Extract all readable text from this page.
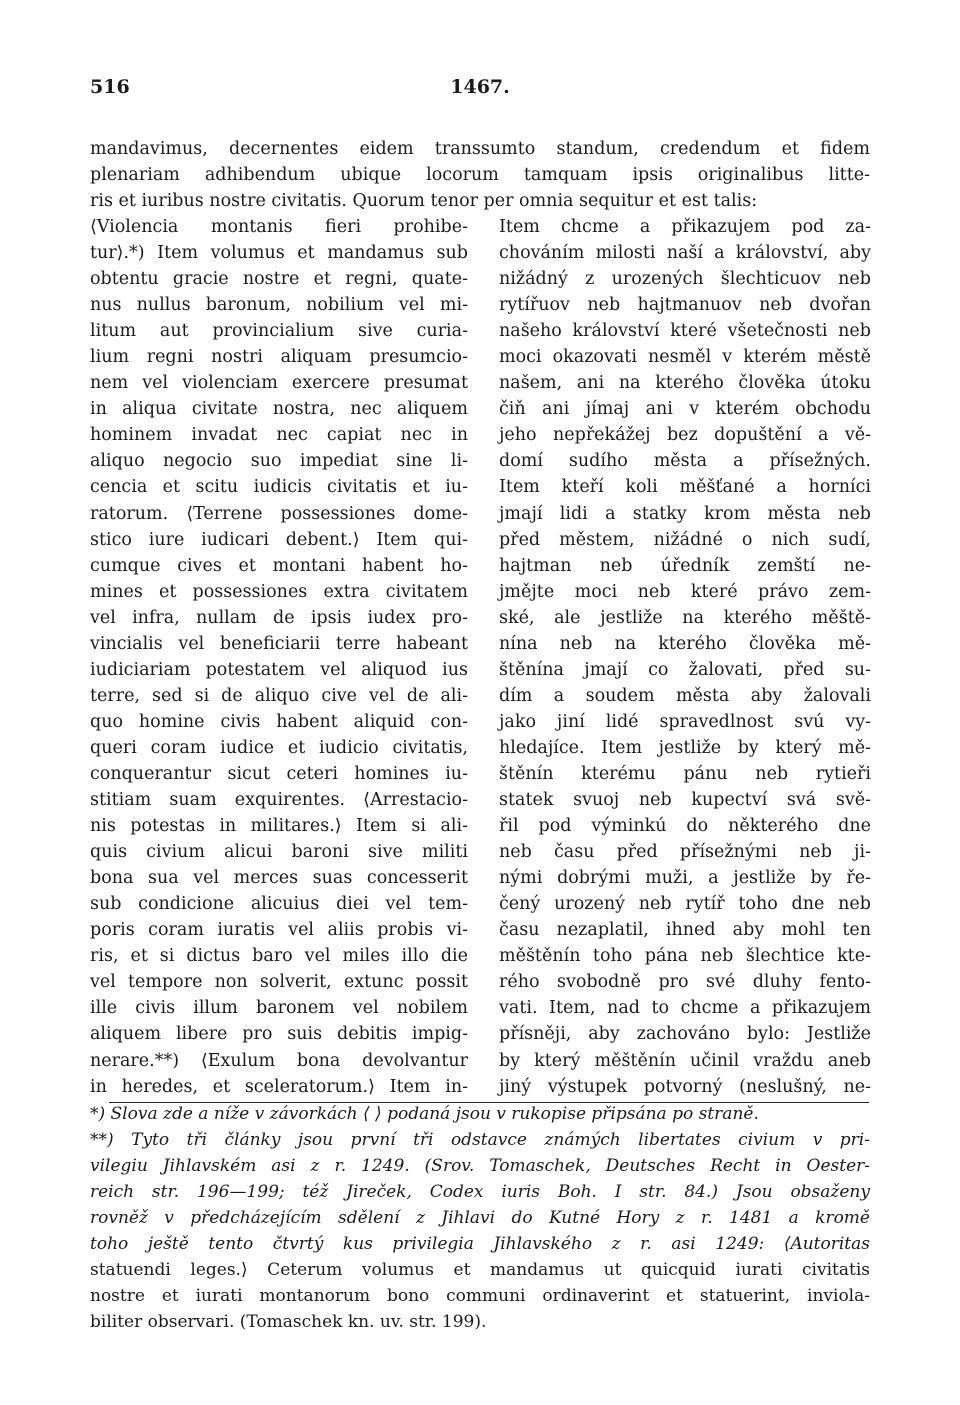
516	1467.
mandavimus, decernentes eidem transsumto standum, credendum et fidem
plenariam adhibendum ubique locorum tamquam ipsis originalibus litte-
ris et iuribus nostre civitatis. Quorum tenor per omnia sequitur et est talis:
⟨Violencia montanis fieri prohibe-
tur⟩.*) Item volumus et mandamus sub
obtentu gracie nostre et regni, quate-
nus nullus baronum, nobilium vel mi-
litum aut provincialium sive curia-
lium regni nostri aliquam presumcio-
nem vel violenciam exercere presumat
in aliqua civitate nostra, nec aliquem
hominem invadat nec capiat nec in
aliquo negocio suo impediat sine li-
cencia et scitu iudicis civitatis et iu-
ratorum. ⟨Terrene possessiones dome-
stico iure iudicari debent.⟩ Item qui-
cumque cives et montani habent ho-
mines et possessiones extra civitatem
vel infra, nullam de ipsis iudex pro-
vincialis vel beneficiarii terre habeant
iudiciariam potestatem vel aliquod ius
terre, sed si de aliquo cive vel de ali-
quo homine civis habent aliquid con-
queri coram iudice et iudicio civitatis,
conquerantur sicut ceteri homines iu-
stitiam suam exquirentes. ⟨Arrestacio-
nis potestas in militares.⟩ Item si ali-
quis civium alicui baroni sive militi
bona sua vel merces suas concesserit
sub condicione alicuius diei vel tem-
poris coram iuratis vel aliis probis vi-
ris, et si dictus baro vel miles illo die
vel tempore non solverit, extunc possit
ille civis illum baronem vel nobilem
aliquem libere pro suis debitis impig-
nerare.**) ⟨Exulum bona devolvantur
in heredes, et sceleratorum.⟩ Item in-
Item chcme a přikazujem pod za-
chováním milosti naší a království, aby
nižádný z urozených šlechticuov neb
rytířuov neb hajtmanuov neb dvořan
našeho království které všetečnosti neb
moci okazovati nesměl v kterém městě
našem, ani na kterého člověka útoku
čiň ani jímaj ani v kterém obchodu
jeho nepřekážej bez dopuštění a vě-
domí sudího města a přísežných.
Item kteří koli měšťané a horníci
jmají lidi a statky krom města neb
před městem, nižádné o nich sudí,
hajtman neb úředník zemští ne-
jmějte moci neb které právo zem-
ské, ale jestliže na kterého měště-
nína neb na kterého člověka mě-
štěnína jmají co žalovati, před su-
dím a soudem města aby žalovali
jako jiní lidé spravedlnost svú vy-
hledajíce. Item jestliže by který mě-
štěnín kterému pánu neb rytieři
statek svuoj neb kupectví svá svě-
řil pod výminkú do některého dne
neb času před přísežnými neb ji-
nými dobrými muži, a jestliže by ře-
čený urozený neb rytíř toho dne neb
času nezaplatil, ihned aby mohl ten
měštěnín toho pána neb šlechtice kte-
rého svobodně pro své dluhy fentο-
vati. Item, nad to chcme a přikazujem
přísněji, aby zachováno bylo: Jestliže
by který měštěnín učinil vraždu aneb
jiný výstupek potvorný (neslušný, ne-
*) Slova zde a níže v závorkách ⟨ ⟩ podaná jsou v rukopise připsána po straně.
**) Tyto tři články jsou první tři odstavce známých libertates civium v pri-
vilegiu Jihlavském asi z r. 1249. (Srov. Tomaschek, Deutsches Recht in Oester-
reich str. 196—199; též Jireček, Codex iuris Boh. I str. 84.) Jsou obsaženy
rovněž v předcházejícím sdělení z Jihlavi do Kutné Hory z r. 1481 a kromě
toho ještě tento čtvrtý kus privilegia Jihlavského z r. asi 1249: ⟨Autoritas
statuendi leges.⟩ Ceterum volumus et mandamus ut quicquid iurati civitatis
nostre et iurati montanorum bono communi ordinaverint et statuerint, inviola-
biliter observari. (Tomaschek kn. uv. str. 199).
